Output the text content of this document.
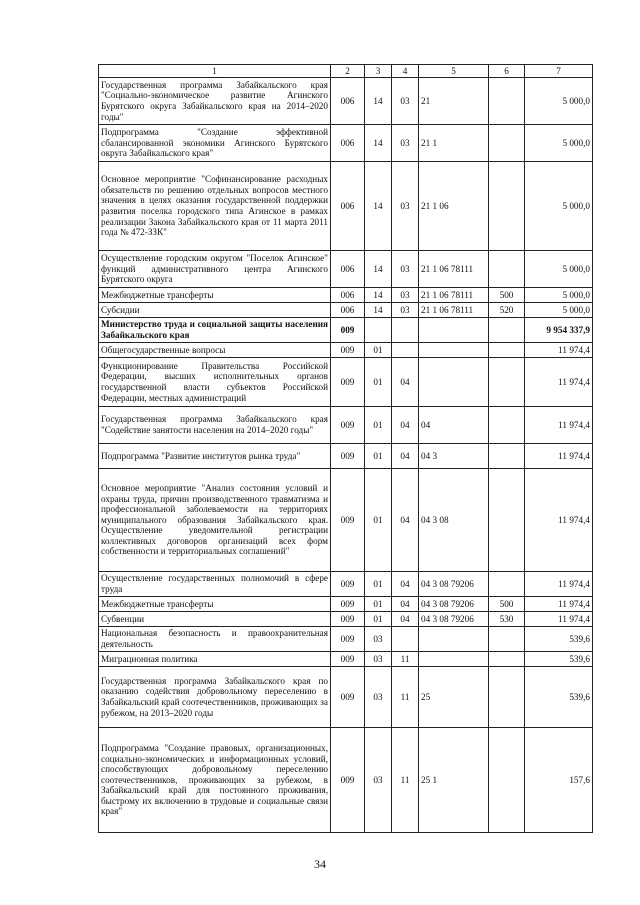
1	2	3	4	5	6	7
Государственная программа Забайкальского края "Социально-экономическое развитие Агинского Бурятского округа Забайкальского края на 2014–2020 годы"	006	14	03	21		5 000,0
Подпрограмма "Создание эффективной сбалансированной экономики Агинского Бурятского округа Забайкальского края"	006	14	03	21 1		5 000,0
Основное мероприятие "Софинансирование расходных обязательств по решению отдельных вопросов местного значения в целях оказания государственной поддержки развития поселка городского типа Агинское в рамках реализации Закона Забайкальского края от 11 марта 2011 года № 472-ЗЗК"	006	14	03	21 1 06		5 000,0
Осуществление городским округом "Поселок Агинское" функций административного центра Агинского Бурятского округа	006	14	03	21 1 06 78111		5 000,0
Межбюджетные трансферты	006	14	03	21 1 06 78111	500	5 000,0
Субсидии	006	14	03	21 1 06 78111	520	5 000,0
Министерство труда и социальной защиты населения Забайкальского края	009					9 954 337,9
Общегосударственные вопросы	009	01				11 974,4
Функционирование Правительства Российской Федерации, высших исполнительных органов государственной власти субъектов Российской Федерации, местных администраций	009	01	04			11 974,4
Государственная программа Забайкальского края "Содействие занятости населения на 2014–2020 годы"	009	01	04	04		11 974,4
Подпрограмма "Развитие институтов рынка труда"	009	01	04	04 3		11 974,4
Основное мероприятие "Анализ состояния условий и охраны труда, причин производственного травматизма и профессиональной заболеваемости на территориях муниципального образования Забайкальского края. Осуществление уведомительной регистрации коллективных договоров организаций всех форм собственности и территориальных соглашений"	009	01	04	04 3 08		11 974,4
Осуществление государственных полномочий в сфере труда	009	01	04	04 3 08 79206		11 974,4
Межбюджетные трансферты	009	01	04	04 3 08 79206	500	11 974,4
Субвенции	009	01	04	04 3 08 79206	530	11 974,4
Национальная безопасность и правоохранительная деятельность	009	03				539,6
Миграционная политика	009	03	11			539,6
Государственная программа Забайкальского края по оказанию содействия добровольному переселению в Забайкальский край соотечественников, проживающих за рубежом, на 2013–2020 годы	009	03	11	25		539,6
Подпрограмма "Создание правовых, организационных, социально-экономических и информационных условий, способствующих добровольному переселению соотечественников, проживающих за рубежом, в Забайкальский край для постоянного проживания, быстрому их включению в трудовые и социальные связи края"	009	03	11	25 1		157,6
34
